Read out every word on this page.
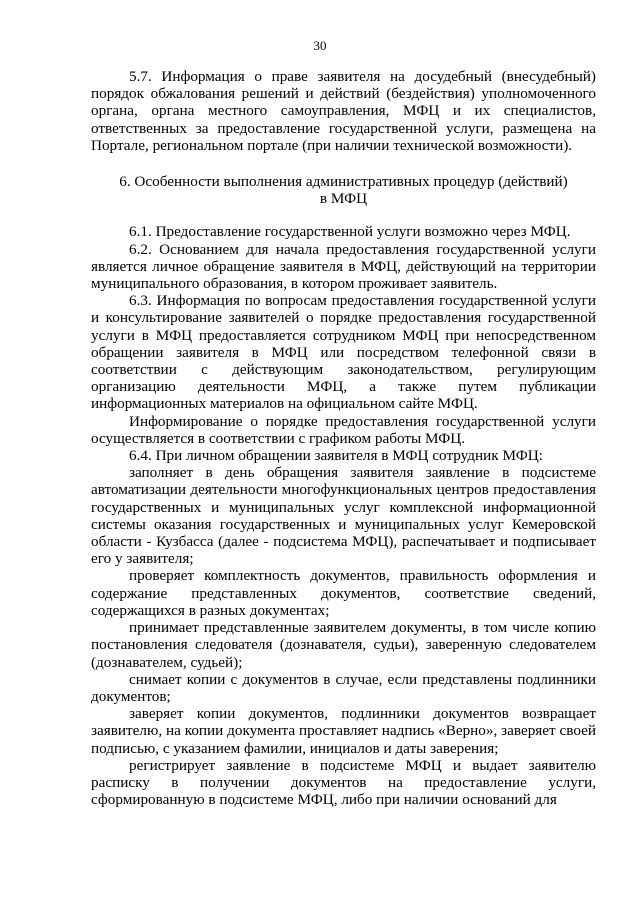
30

5.7. Информация о праве заявителя на досудебный (внесудебный) порядок обжалования решений и действий (бездействия) уполномоченного органа, органа местного самоуправления, МФЦ и их специалистов, ответственных за предоставление государственной услуги, размещена на Портале, региональном портале (при наличии технической возможности).

6. Особенности выполнения административных процедур (действий)
в МФЦ

6.1. Предоставление государственной услуги возможно через МФЦ.

6.2. Основанием для начала предоставления государственной услуги является личное обращение заявителя в МФЦ, действующий на территории муниципального образования, в котором проживает заявитель.

6.3. Информация по вопросам предоставления государственной услуги и консультирование заявителей о порядке предоставления государственной услуги в МФЦ предоставляется сотрудником МФЦ при непосредственном обращении заявителя в МФЦ или посредством телефонной связи в соответствии с действующим законодательством, регулирующим организацию деятельности МФЦ, а также путем публикации информационных материалов на официальном сайте МФЦ.

Информирование о порядке предоставления государственной услуги осуществляется в соответствии с графиком работы МФЦ.

6.4. При личном обращении заявителя в МФЦ сотрудник МФЦ:

заполняет в день обращения заявителя заявление в подсистеме автоматизации деятельности многофункциональных центров предоставления государственных и муниципальных услуг комплексной информационной системы оказания государственных и муниципальных услуг Кемеровской области - Кузбасса (далее - подсистема МФЦ), распечатывает и подписывает его у заявителя;

проверяет комплектность документов, правильность оформления и содержание представленных документов, соответствие сведений, содержащихся в разных документах;

принимает представленные заявителем документы, в том числе копию постановления следователя (дознавателя, судьи), заверенную следователем (дознавателем, судьей);

снимает копии с документов в случае, если представлены подлинники документов;

заверяет копии документов, подлинники документов возвращает заявителю, на копии документа проставляет надпись «Верно», заверяет своей подписью, с указанием фамилии, инициалов и даты заверения;

регистрирует заявление в подсистеме МФЦ и выдает заявителю расписку в получении документов на предоставление услуги, сформированную в подсистеме МФЦ, либо при наличии оснований для
